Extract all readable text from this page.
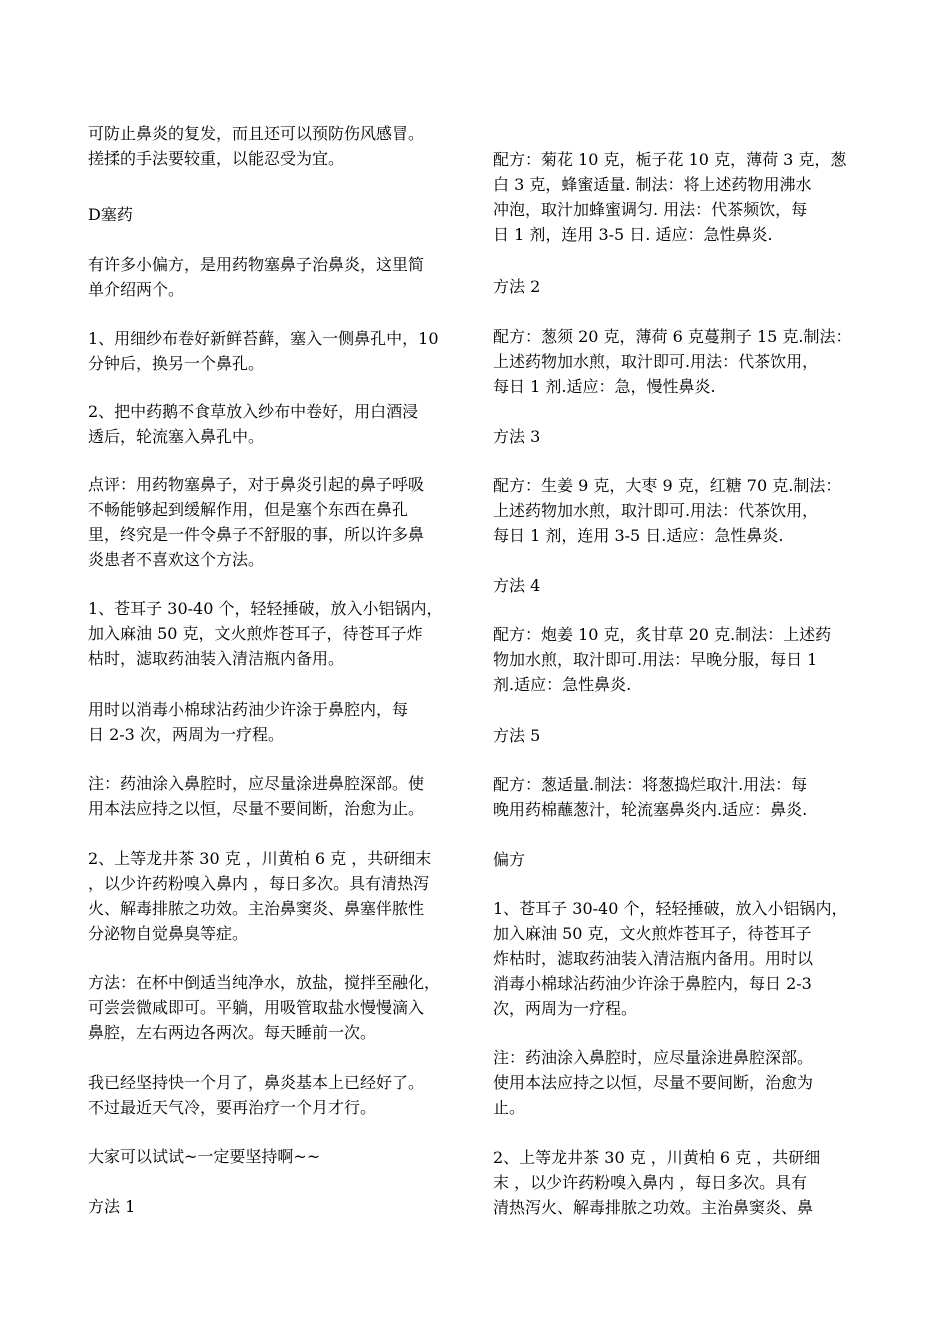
可防止鼻炎的复发，而且还可以预防伤风感冒。
搓揉的手法要较重，以能忍受为宜。

D塞药

有许多小偏方，是用药物塞鼻子治鼻炎，这里简
单介绍两个。

1、用细纱布卷好新鲜苔藓，塞入一侧鼻孔中，10
分钟后，换另一个鼻孔。

2、把中药鹅不食草放入纱布中卷好，用白酒浸
透后，轮流塞入鼻孔中。

点评：用药物塞鼻子，对于鼻炎引起的鼻子呼吸
不畅能够起到缓解作用，但是塞个东西在鼻孔
里，终究是一件令鼻子不舒服的事，所以许多鼻
炎患者不喜欢这个方法。

1、苍耳子 30-40 个，轻轻捶破，放入小铝锅内，
加入麻油 50 克，文火煎炸苍耳子，待苍耳子炸
枯时，滤取药油装入清洁瓶内备用。

用时以消毒小棉球沾药油少许涂于鼻腔内，每
日 2-3 次，两周为一疗程。

注：药油涂入鼻腔时，应尽量涂进鼻腔深部。使
用本法应持之以恒，尽量不要间断，治愈为止。

2、上等龙井茶 30 克 ，川黄柏 6 克 ，共研细末
，以少许药粉嗅入鼻内 ，每日多次。具有清热泻
火、解毒排脓之功效。主治鼻窦炎、鼻塞伴脓性
分泌物自觉鼻臭等症。

方法：在杯中倒适当纯净水，放盐，搅拌至融化，
可尝尝微咸即可。平躺，用吸管取盐水慢慢滴入
鼻腔，左右两边各两次。每天睡前一次。

我已经坚持快一个月了，鼻炎基本上已经好了。
不过最近天气冷，要再治疗一个月才行。

大家可以试试~一定要坚持啊~~

方法 1

配方：菊花 10 克，栀子花 10 克，薄荷 3 克，葱
白 3 克，蜂蜜适量. 制法：将上述药物用沸水
冲泡，取汁加蜂蜜调匀. 用法：代茶频饮，每
日 1 剂，连用 3-5 日. 适应：急性鼻炎.

方法 2

配方：葱须 20 克，薄荷 6 克蔓荆子 15 克.制法：
上述药物加水煎，取汁即可.用法：代茶饮用，
每日 1 剂.适应：急，慢性鼻炎.

方法 3

配方：生姜 9 克，大枣 9 克，红糖 70 克.制法：
上述药物加水煎，取汁即可.用法：代茶饮用，
每日 1 剂，连用 3-5 日.适应：急性鼻炎.

方法 4

配方：炮姜 10 克，炙甘草 20 克.制法：上述药
物加水煎，取汁即可.用法：早晚分服，每日 1
剂.适应：急性鼻炎.

方法 5

配方：葱适量.制法：将葱捣烂取汁.用法：每
晚用药棉蘸葱汁，轮流塞鼻炎内.适应：鼻炎.

偏方

1、苍耳子 30-40 个，轻轻捶破，放入小铝锅内，
加入麻油 50 克，文火煎炸苍耳子，待苍耳子
炸枯时，滤取药油装入清洁瓶内备用。用时以
消毒小棉球沾药油少许涂于鼻腔内，每日 2-3
次，两周为一疗程。

注：药油涂入鼻腔时，应尽量涂进鼻腔深部。
使用本法应持之以恒，尽量不要间断，治愈为
止。

2、上等龙井茶 30 克 ，川黄柏 6 克 ，共研细
末 ，以少许药粉嗅入鼻内 ，每日多次。具有
清热泻火、解毒排脓之功效。主治鼻窦炎、鼻
